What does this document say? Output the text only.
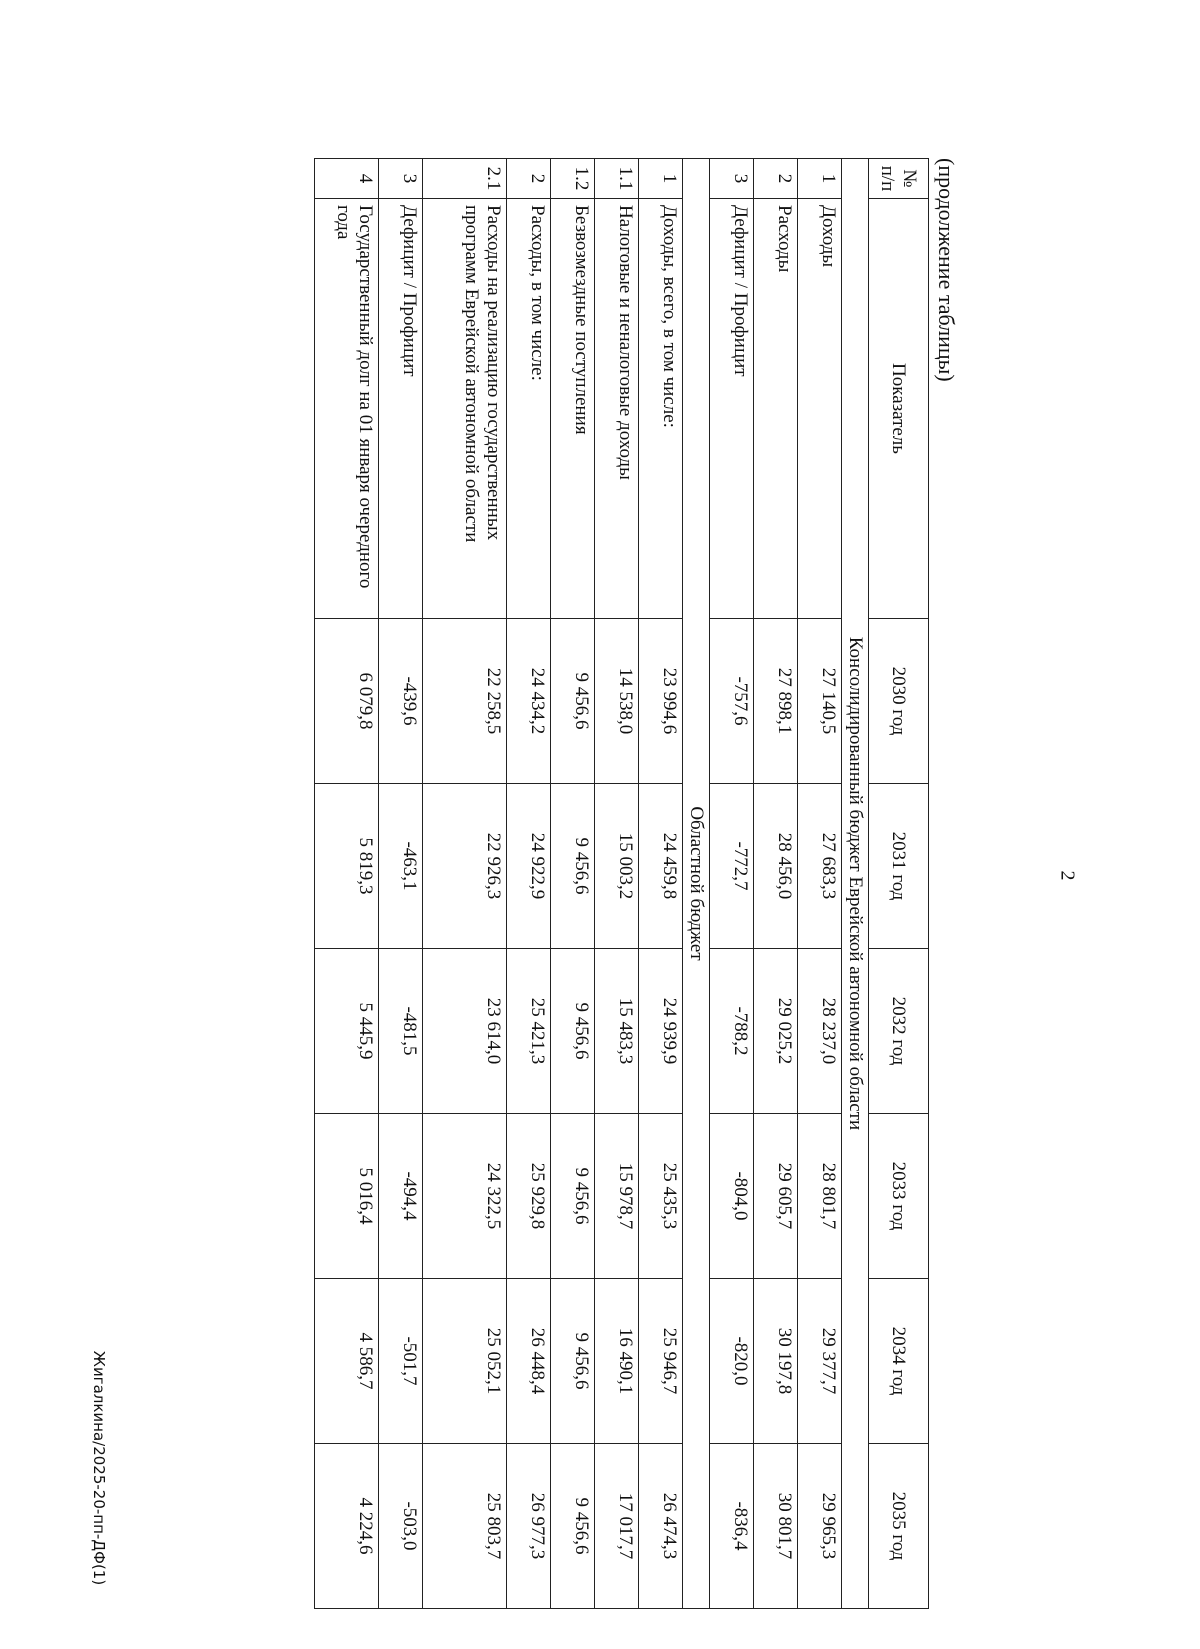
2
(продолжение таблицы)
№ п/п	Показатель	2030 год	2031 год	2032 год	2033 год	2034 год	2035 год
Консолидированный бюджет Еврейской автономной области							
1	Доходы	27 140,5	27 683,3	28 237,0	28 801,7	29 377,7	29 965,3
2	Расходы	27 898,1	28 456,0	29 025,2	29 605,7	30 197,8	30 801,7
3	Дефицит / Профицит	-757,6	-772,7	-788,2	-804,0	-820,0	-836,4
Областной бюджет							
1	Доходы, всего, в том числе:	23 994,6	24 459,8	24 939,9	25 435,3	25 946,7	26 474,3
1.1	Налоговые и неналоговые доходы	14 538,0	15 003,2	15 483,3	15 978,7	16 490,1	17 017,7
1.2	Безвозмездные поступления	9 456,6	9 456,6	9 456,6	9 456,6	9 456,6	9 456,6
2	Расходы, в том числе:	24 434,2	24 922,9	25 421,3	25 929,8	26 448,4	26 977,3
2.1	Расходы на реализацию государственных программ Еврейской автономной области	22 258,5	22 926,3	23 614,0	24 322,5	25 052,1	25 803,7
3	Дефицит / Профицит	-439,6	-463,1	-481,5	-494,4	-501,7	-503,0
4	Государственный долг на 01 января очередного года	6 079,8	5 819,3	5 445,9	5 016,4	4 586,7	4 224,6
Жигалкина/2025-20-пп-ДФ(1)
